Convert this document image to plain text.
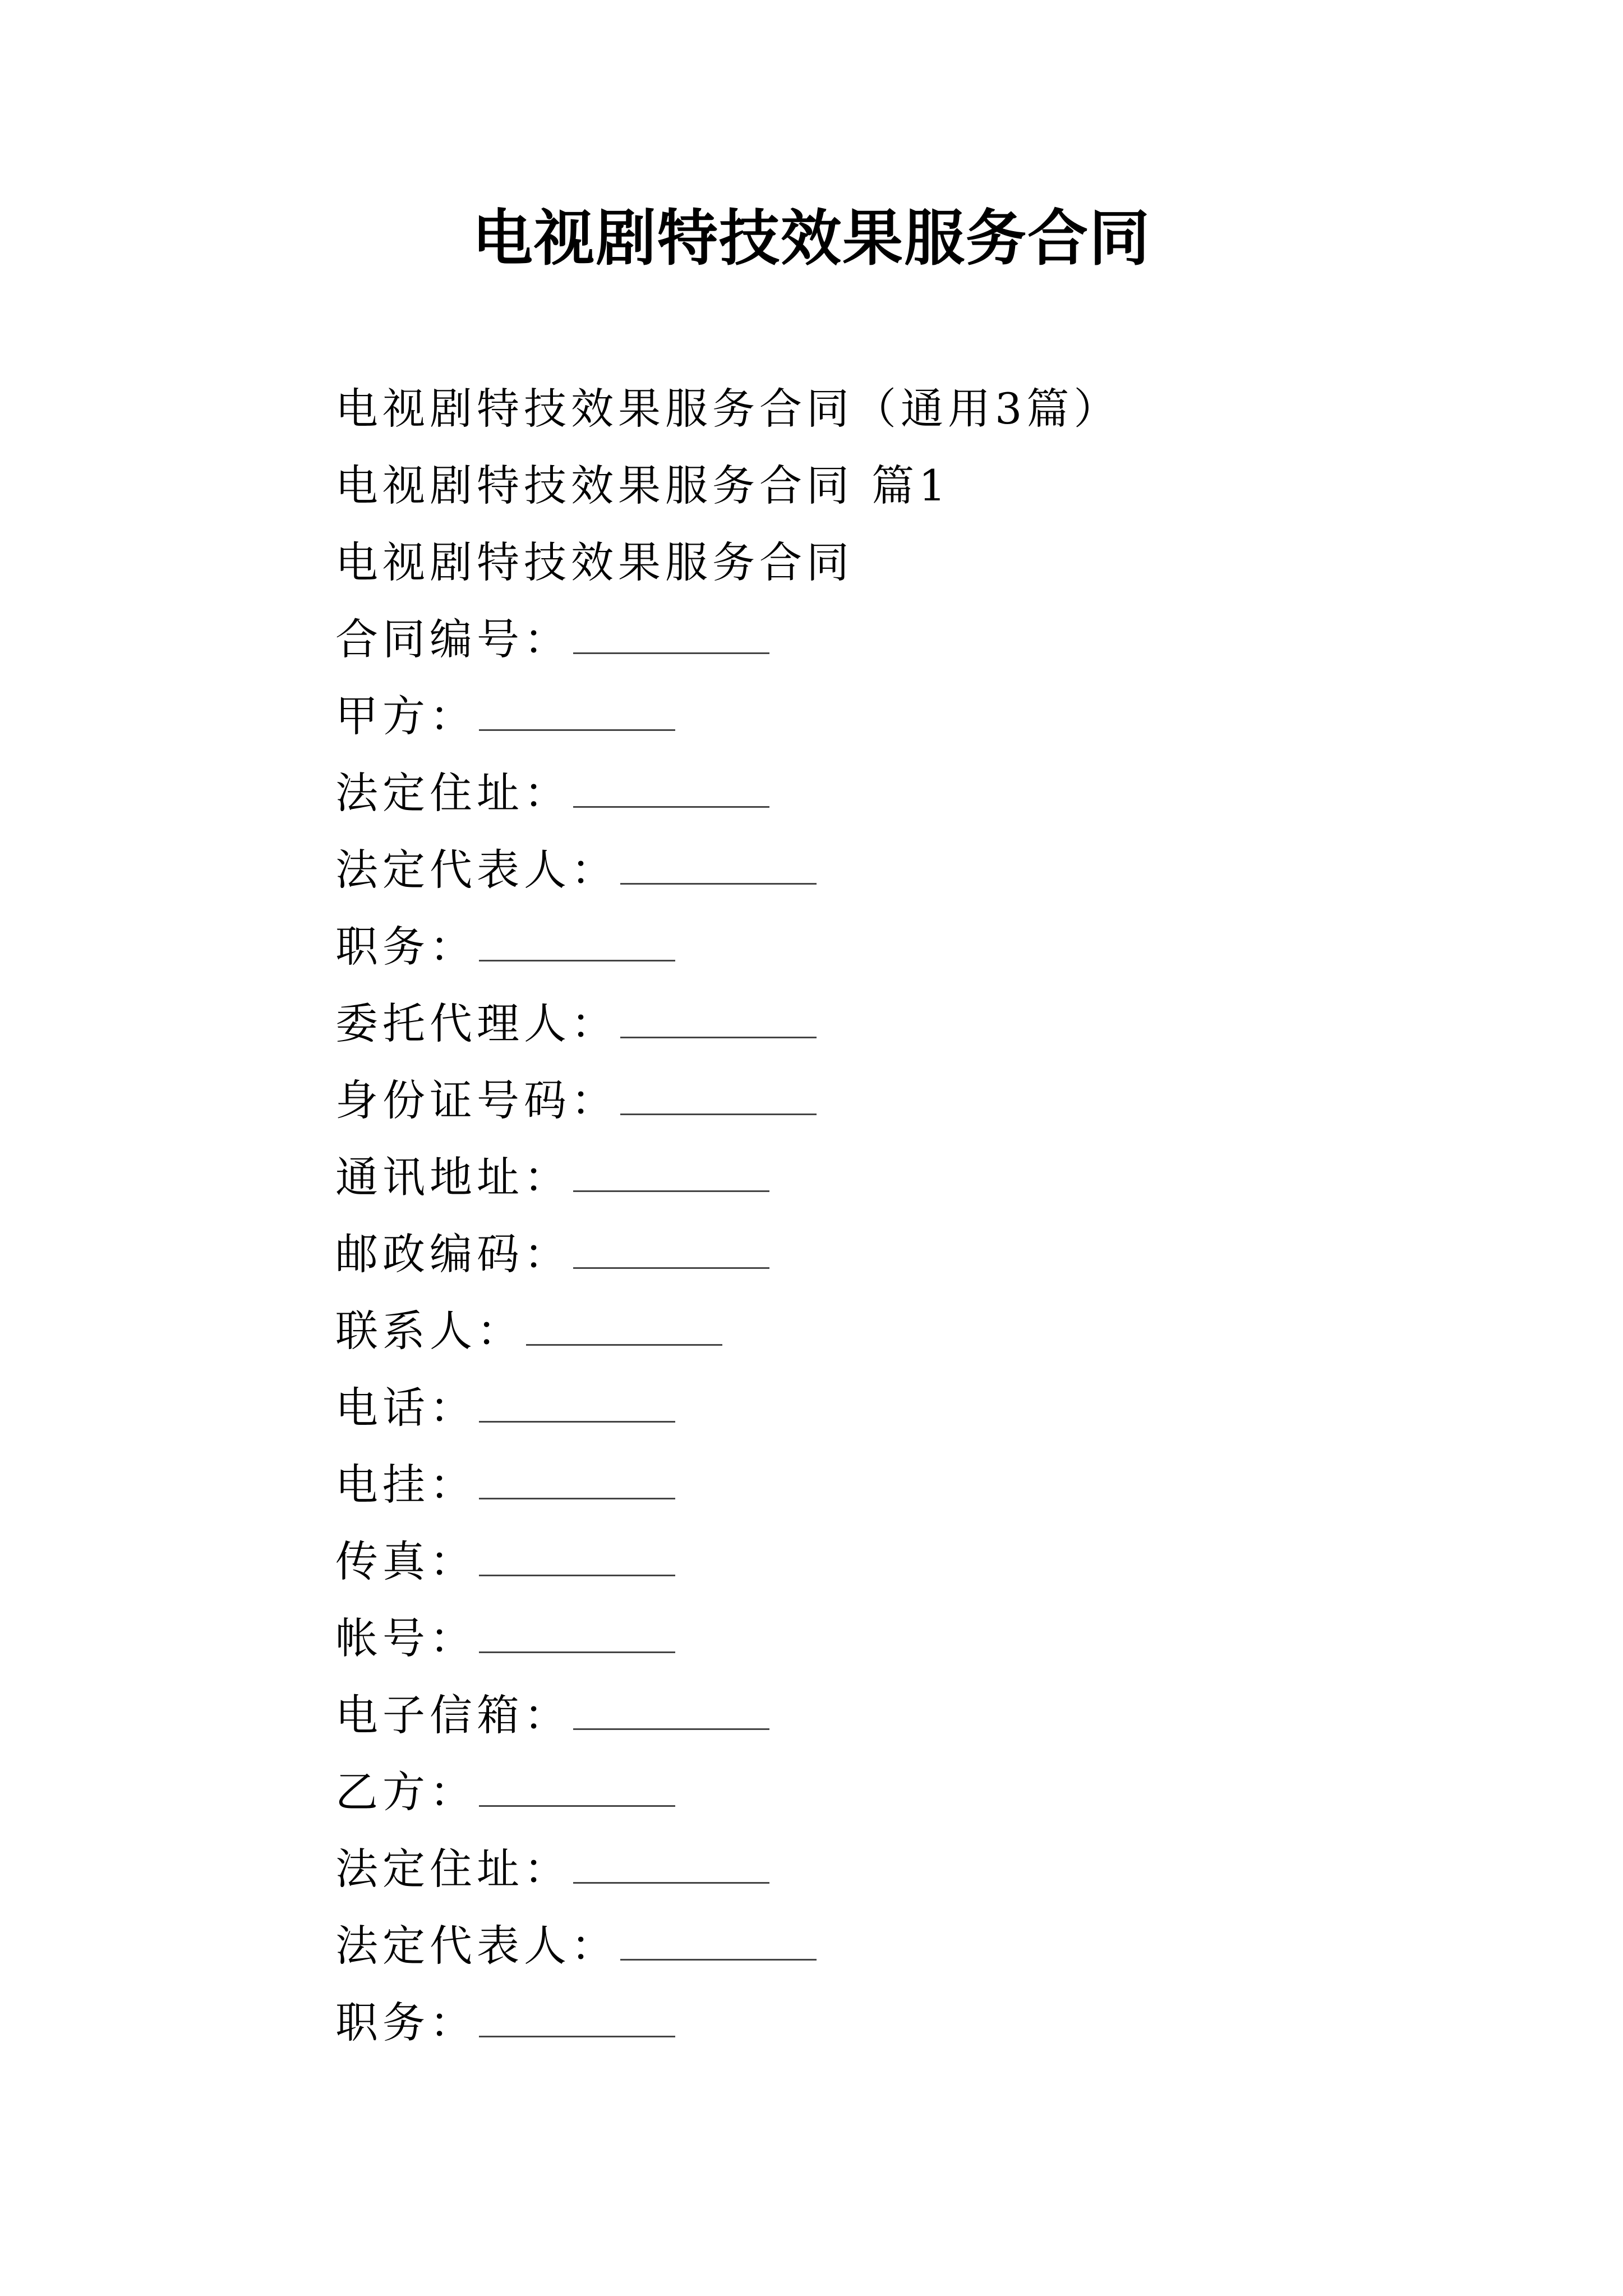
电视剧特技效果服务合同
电视剧特技效果服务合同（通用3篇）
电视剧特技效果服务合同 篇1
电视剧特技效果服务合同
合同编号：
甲方：
法定住址：
法定代表人：
职务：
委托代理人：
身份证号码：
通讯地址：
邮政编码：
联系人：
电话：
电挂：
传真：
帐号：
电子信箱：
乙方：
法定住址：
法定代表人：
职务：
